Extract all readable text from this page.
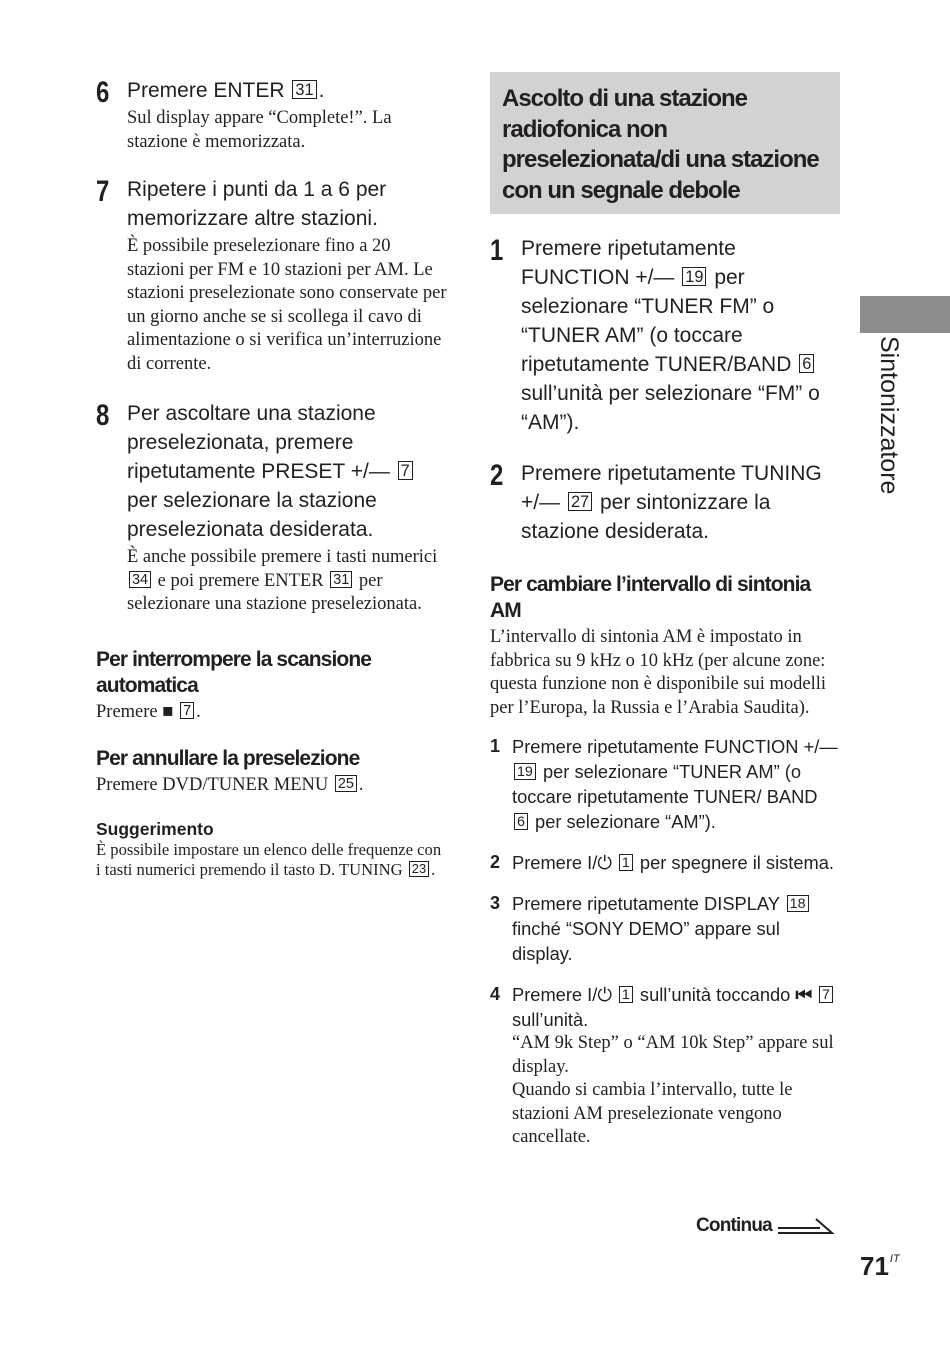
6 Premere ENTER 31 .
Sul display appare “Complete!”. La stazione è memorizzata.
7 Ripetere i punti da 1 a 6 per memorizzare altre stazioni.
È possibile preselezionare fino a 20 stazioni per FM e 10 stazioni per AM. Le stazioni preselezionate sono conservate per un giorno anche se si scollega il cavo di alimentazione o si verifica un’interruzione di corrente.
8 Per ascoltare una stazione preselezionata, premere ripetutamente PRESET +/— 7 per selezionare la stazione preselezionata desiderata.
È anche possibile premere i tasti numerici 34 e poi premere ENTER 31 per selezionare una stazione preselezionata.
Per interrompere la scansione automatica
Premere ■ 7 .
Per annullare la preselezione
Premere DVD/TUNER MENU 25 .
Suggerimento
È possibile impostare un elenco delle frequenze con i tasti numerici premendo il tasto D. TUNING 23 .
Ascolto di una stazione radiofonica non preselezionata/di una stazione con un segnale debole
1 Premere ripetutamente FUNCTION +/— 19 per selezionare “TUNER FM” o “TUNER AM” (o toccare ripetutamente TUNER/BAND 6 sull’unità per selezionare “FM” o “AM”).
2 Premere ripetutamente TUNING +/— 27 per sintonizzare la stazione desiderata.
Per cambiare l’intervallo di sintonia AM
L’intervallo di sintonia AM è impostato in fabbrica su 9 kHz o 10 kHz (per alcune zone: questa funzione non è disponibile sui modelli per l’Europa, la Russia e l’Arabia Saudita).
1 Premere ripetutamente FUNCTION +/— 19 per selezionare “TUNER AM” (o toccare ripetutamente TUNER/ BAND 6 per selezionare “AM”).
2 Premere I/⏻ 1 per spegnere il sistema.
3 Premere ripetutamente DISPLAY 18 finché “SONY DEMO” appare sul display.
4 Premere I/⏻ 1 sull’unità toccando ⏮ 7 sull’unità.
“AM 9k Step” o “AM 10k Step” appare sul display.
Quando si cambia l’intervallo, tutte le stazioni AM preselezionate vengono cancellate.
Sintonizzatore
Continua
$71^{IT}$
